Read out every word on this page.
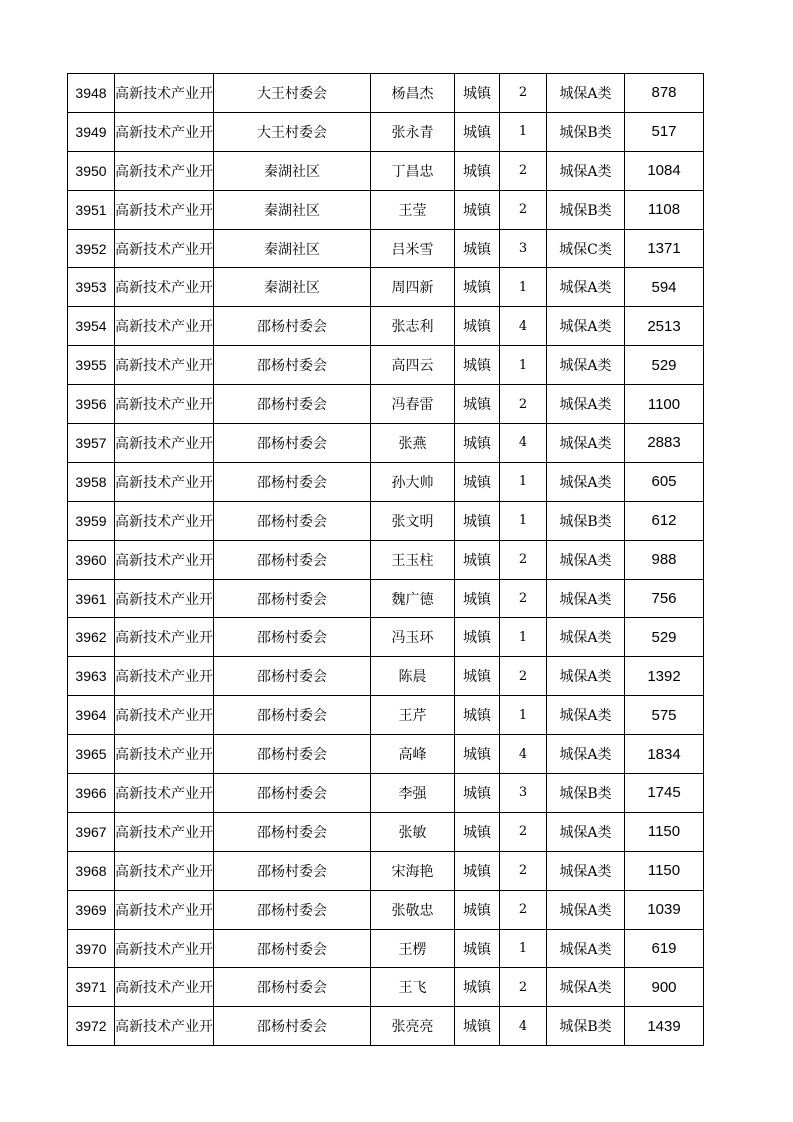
3948	高新技术产业开	大王村委会	杨昌杰	城镇	2	城保A类	878
3949	高新技术产业开	大王村委会	张永青	城镇	1	城保B类	517
3950	高新技术产业开	秦湖社区	丁昌忠	城镇	2	城保A类	1084
3951	高新技术产业开	秦湖社区	王莹	城镇	2	城保B类	1108
3952	高新技术产业开	秦湖社区	吕米雪	城镇	3	城保C类	1371
3953	高新技术产业开	秦湖社区	周四新	城镇	1	城保A类	594
3954	高新技术产业开	邵杨村委会	张志利	城镇	4	城保A类	2513
3955	高新技术产业开	邵杨村委会	高四云	城镇	1	城保A类	529
3956	高新技术产业开	邵杨村委会	冯春雷	城镇	2	城保A类	1100
3957	高新技术产业开	邵杨村委会	张燕	城镇	4	城保A类	2883
3958	高新技术产业开	邵杨村委会	孙大帅	城镇	1	城保A类	605
3959	高新技术产业开	邵杨村委会	张文明	城镇	1	城保B类	612
3960	高新技术产业开	邵杨村委会	王玉柱	城镇	2	城保A类	988
3961	高新技术产业开	邵杨村委会	魏广德	城镇	2	城保A类	756
3962	高新技术产业开	邵杨村委会	冯玉环	城镇	1	城保A类	529
3963	高新技术产业开	邵杨村委会	陈晨	城镇	2	城保A类	1392
3964	高新技术产业开	邵杨村委会	王芹	城镇	1	城保A类	575
3965	高新技术产业开	邵杨村委会	高峰	城镇	4	城保A类	1834
3966	高新技术产业开	邵杨村委会	李强	城镇	3	城保B类	1745
3967	高新技术产业开	邵杨村委会	张敏	城镇	2	城保A类	1150
3968	高新技术产业开	邵杨村委会	宋海艳	城镇	2	城保A类	1150
3969	高新技术产业开	邵杨村委会	张敬忠	城镇	2	城保A类	1039
3970	高新技术产业开	邵杨村委会	王楞	城镇	1	城保A类	619
3971	高新技术产业开	邵杨村委会	王飞	城镇	2	城保A类	900
3972	高新技术产业开	邵杨村委会	张亮亮	城镇	4	城保B类	1439
